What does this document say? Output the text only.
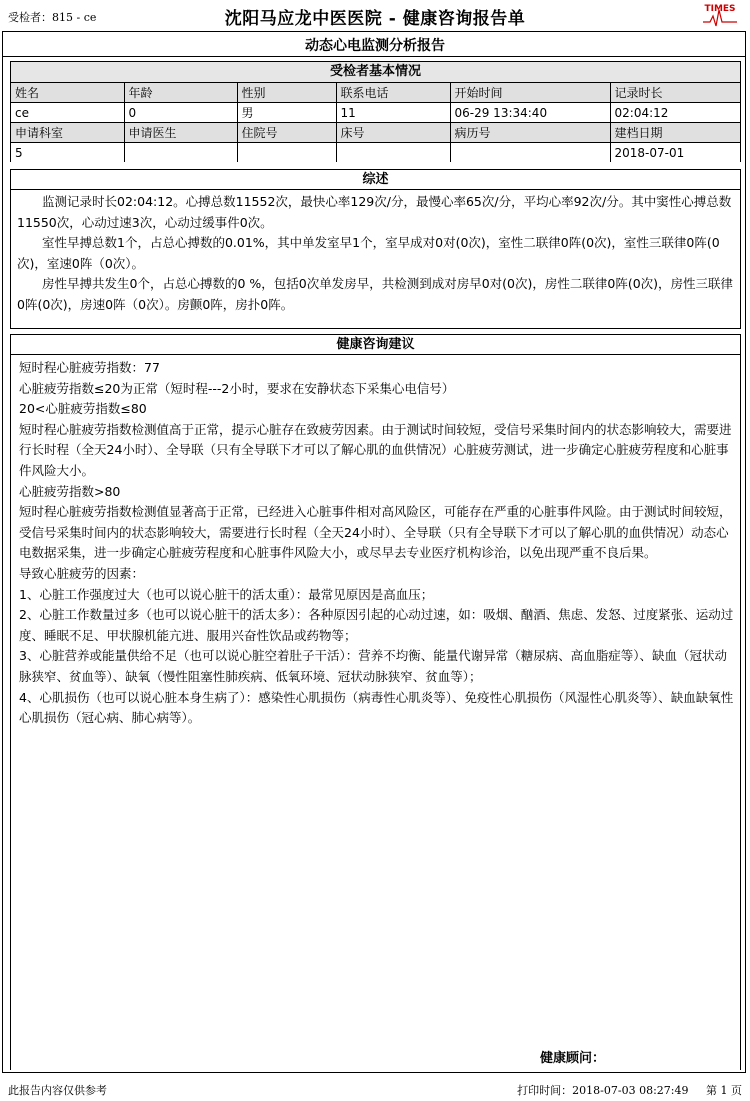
受检者：815 - ce	沈阳马应龙中医医院 - 健康咨询报告单	TIMES
动态心电监测分析报告
受检者基本情况
姓名	年龄	性别	联系电话	开始时间	记录时长
ce	0	男	11	06-29 13:34:40	02:04:12
申请科室	申请医生	住院号	床号	病历号	建档日期
5					2018-07-01
综述

监测记录时长02:04:12。心搏总数11552次，最快心率129次/分，最慢心率65次/分，平均心率92次/分。其中窦性心搏总数11550次，心动过速3次，心动过缓事件0次。

室性早搏总数1个，占总心搏数的0.01%，其中单发室早1个，室早成对0对(0次)，室性二联律0阵(0次)，室性三联律0阵(0次)，室速0阵（0次）。

房性早搏共发生0个，占总心搏数的0 %，包括0次单发房早，共检测到成对房早0对(0次)，房性二联律0阵(0次)，房性三联律0阵(0次)，房速0阵（0次）。房颤0阵，房扑0阵。

健康咨询建议

短时程心脏疲劳指数：77

心脏疲劳指数≤20为正常（短时程---2小时，要求在安静状态下采集心电信号）

20<心脏疲劳指数≤80

短时程心脏疲劳指数检测值高于正常，提示心脏存在致疲劳因素。由于测试时间较短，受信号采集时间内的状态影响较大，需要进行长时程（全天24小时）、全导联（只有全导联下才可以了解心肌的血供情况）心脏疲劳测试，进一步确定心脏疲劳程度和心脏事件风险大小。

心脏疲劳指数>80

短时程心脏疲劳指数检测值显著高于正常，已经进入心脏事件相对高风险区，可能存在严重的心脏事件风险。由于测试时间较短，受信号采集时间内的状态影响较大，需要进行长时程（全天24小时）、全导联（只有全导联下才可以了解心肌的血供情况）动态心电数据采集，进一步确定心脏疲劳程度和心脏事件风险大小，或尽早去专业医疗机构诊治，以免出现严重不良后果。

导致心脏疲劳的因素：

1、心脏工作强度过大（也可以说心脏干的活太重）：最常见原因是高血压；

2、心脏工作数量过多（也可以说心脏干的活太多）：各种原因引起的心动过速，如：吸烟、酗酒、焦虑、发怒、过度紧张、运动过度、睡眠不足、甲状腺机能亢进、服用兴奋性饮品或药物等；

3、心脏营养或能量供给不足（也可以说心脏空着肚子干活）：营养不均衡、能量代谢异常（糖尿病、高血脂症等）、缺血（冠状动脉狭窄、贫血等）、缺氧（慢性阻塞性肺疾病、低氧环境、冠状动脉狭窄、贫血等）；

4、心肌损伤（也可以说心脏本身生病了）：感染性心肌损伤（病毒性心肌炎等）、免疫性心肌损伤（风湿性心肌炎等）、缺血缺氧性心肌损伤（冠心病、肺心病等）。

健康顾问：
此报告内容仅供参考	打印时间：2018-07-03 08:27:49 第 1 页
